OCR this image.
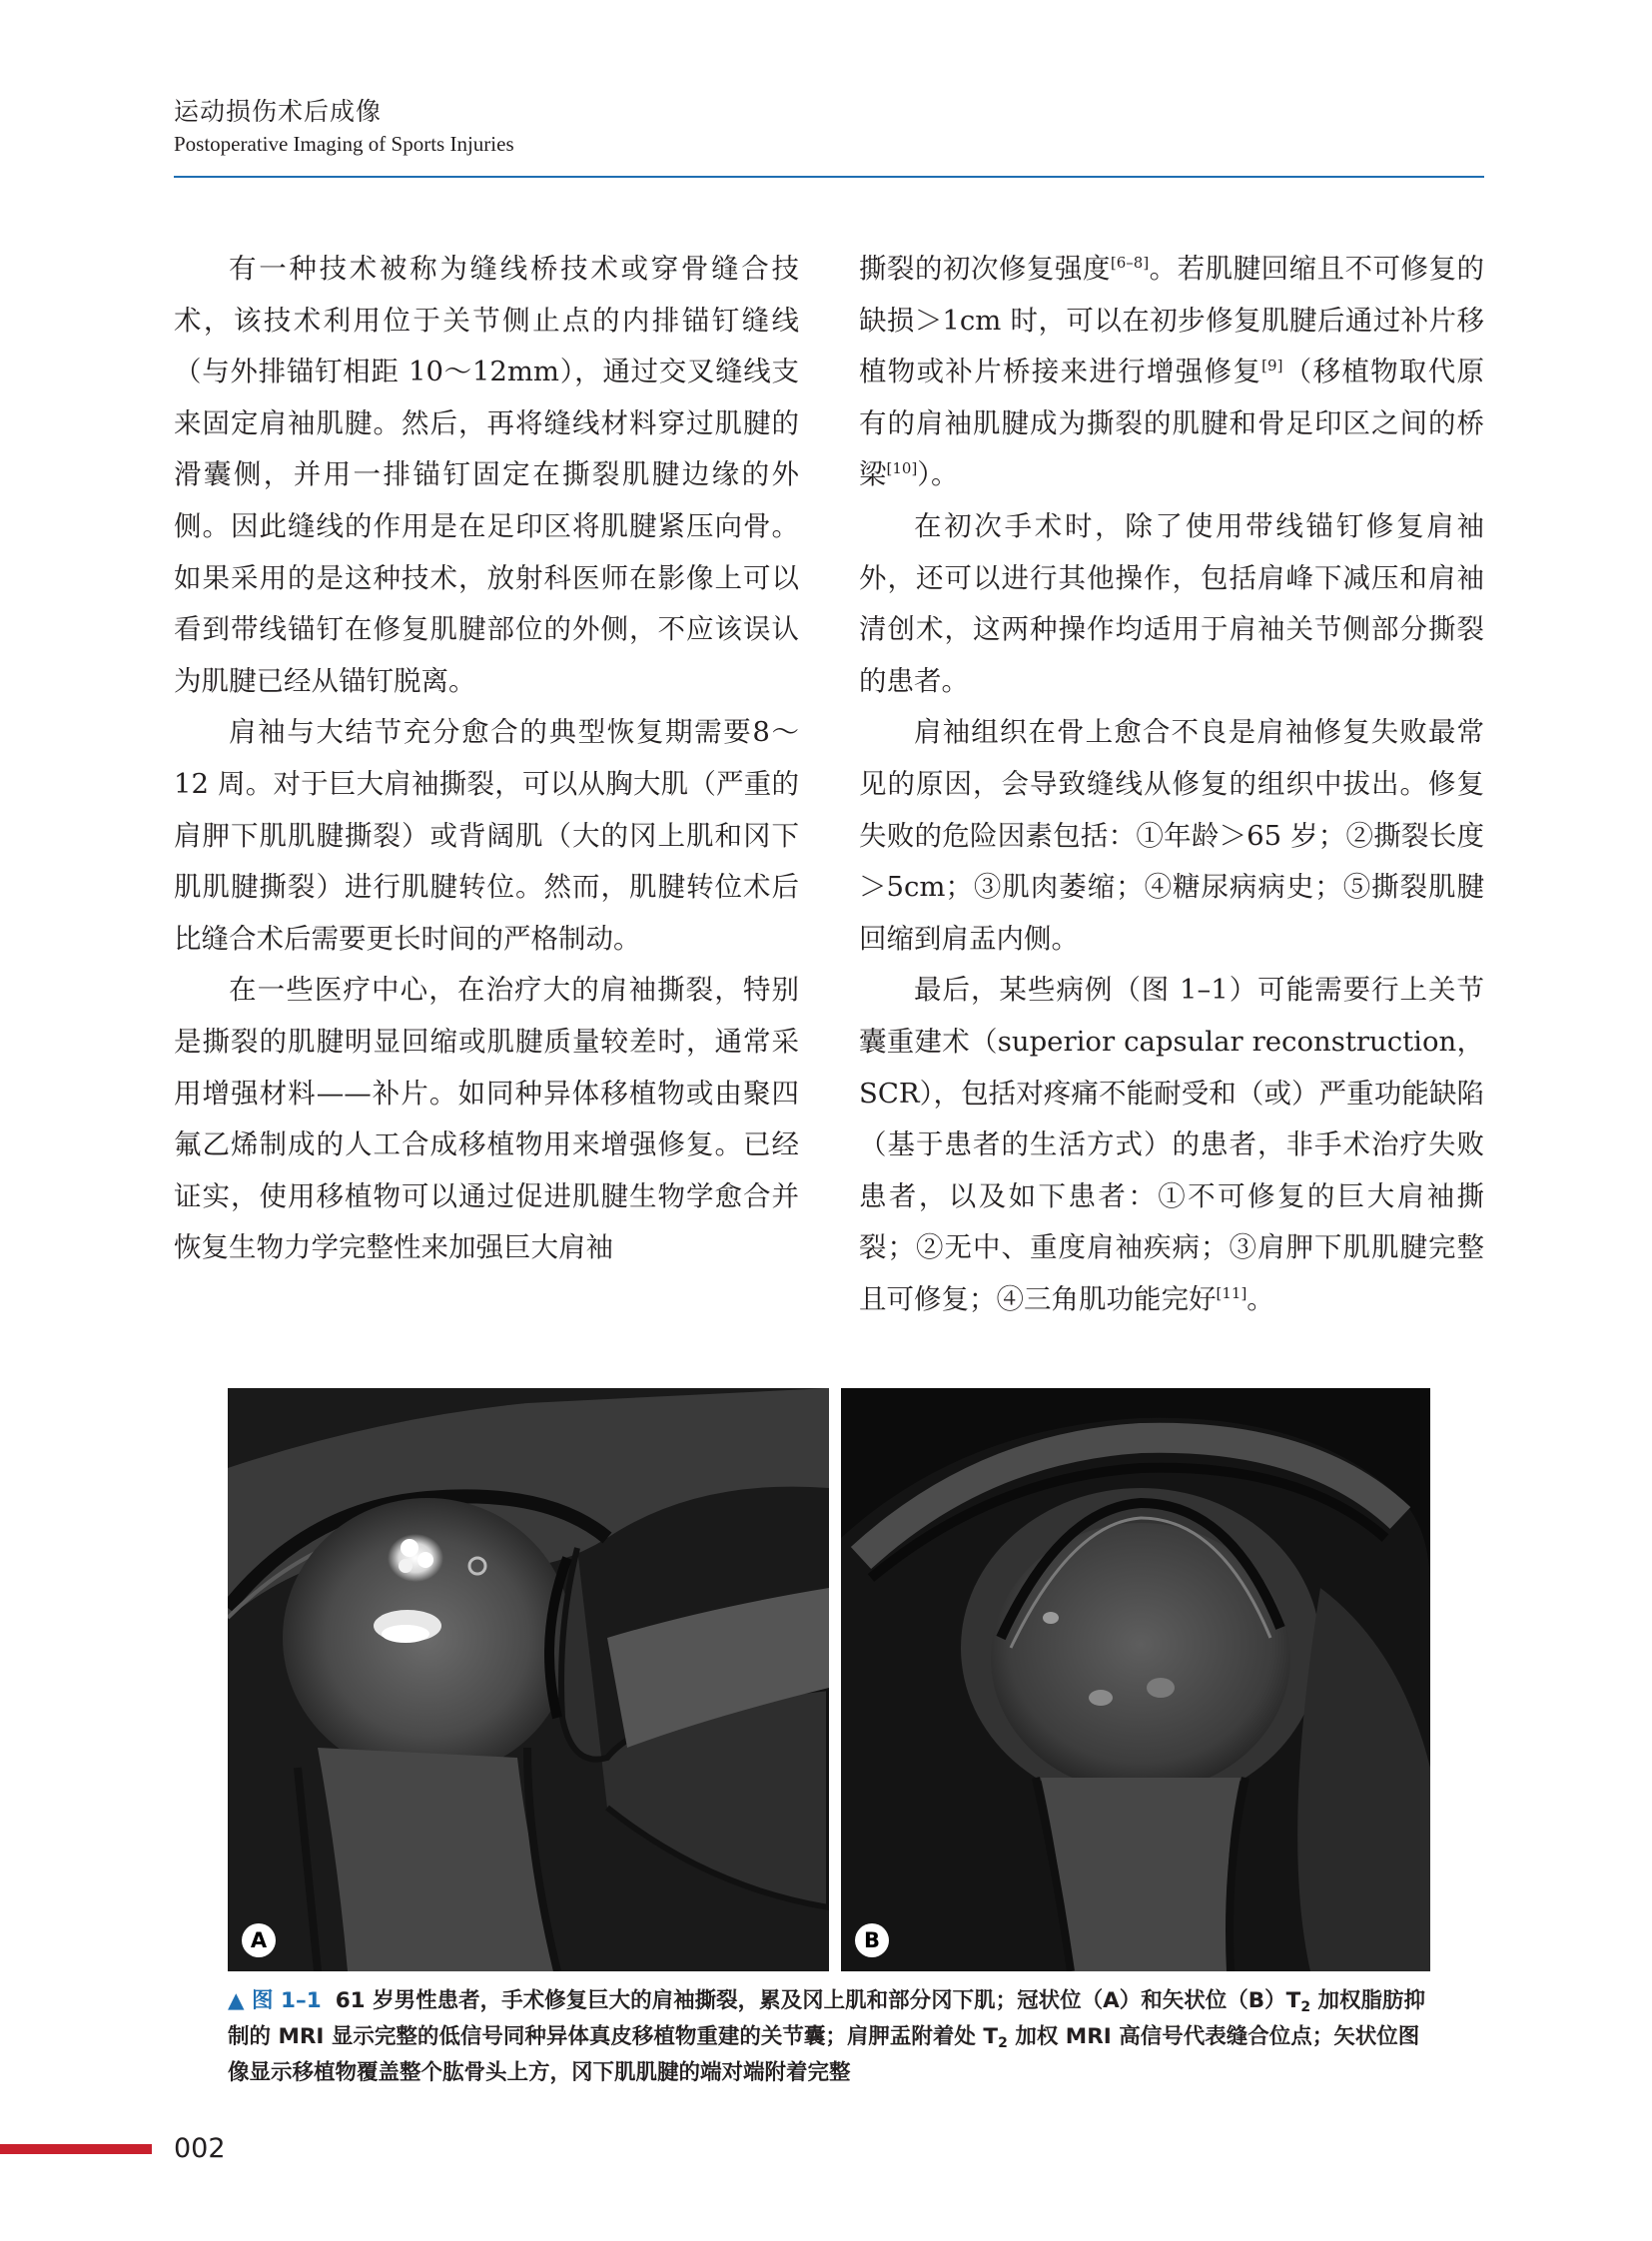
运动损伤术后成像
Postoperative Imaging of Sports Injuries

有一种技术被称为缝线桥技术或穿骨缝合技术，该技术利用位于关节侧止点的内排锚钉缝线（与外排锚钉相距 10～12mm），通过交叉缝线支来固定肩袖肌腱。然后，再将缝线材料穿过肌腱的滑囊侧，并用一排锚钉固定在撕裂肌腱边缘的外侧。因此缝线的作用是在足印区将肌腱紧压向骨。如果采用的是这种技术，放射科医师在影像上可以看到带线锚钉在修复肌腱部位的外侧，不应该误认为肌腱已经从锚钉脱离。

肩袖与大结节充分愈合的典型恢复期需要8～12 周。对于巨大肩袖撕裂，可以从胸大肌（严重的肩胛下肌肌腱撕裂）或背阔肌（大的冈上肌和冈下肌肌腱撕裂）进行肌腱转位。然而，肌腱转位术后比缝合术后需要更长时间的严格制动。

在一些医疗中心，在治疗大的肩袖撕裂，特别是撕裂的肌腱明显回缩或肌腱质量较差时，通常采用增强材料——补片。如同种异体移植物或由聚四氟乙烯制成的人工合成移植物用来增强修复。已经证实，使用移植物可以通过促进肌腱生物学愈合并恢复生物力学完整性来加强巨大肩袖

撕裂的初次修复强度[6–8]。若肌腱回缩且不可修复的缺损＞1cm 时，可以在初步修复肌腱后通过补片移植物或补片桥接来进行增强修复[9]（移植物取代原有的肩袖肌腱成为撕裂的肌腱和骨足印区之间的桥梁[10]）。

在初次手术时，除了使用带线锚钉修复肩袖外，还可以进行其他操作，包括肩峰下减压和肩袖清创术，这两种操作均适用于肩袖关节侧部分撕裂的患者。

肩袖组织在骨上愈合不良是肩袖修复失败最常见的原因，会导致缝线从修复的组织中拔出。修复失败的危险因素包括：①年龄＞65 岁；②撕裂长度＞5cm；③肌肉萎缩；④糖尿病病史；⑤撕裂肌腱回缩到肩盂内侧。

最后，某些病例（图 1–1）可能需要行上关节囊重建术（superior capsular reconstruction，SCR），包括对疼痛不能耐受和（或）严重功能缺陷（基于患者的生活方式）的患者，非手术治疗失败患者，以及如下患者：①不可修复的巨大肩袖撕裂；②无中、重度肩袖疾病；③肩胛下肌肌腱完整且可修复；④三角肌功能完好[11]。

A	B
▲ 图 1–1 61 岁男性患者，手术修复巨大的肩袖撕裂，累及冈上肌和部分冈下肌；冠状位（A）和矢状位$(B)T_2$ 加权脂肪抑制的 MRI 显示完整的低信号同种异体真皮移植物重建的关节囊；肩胛盂附着处 $T_2$ 加权 MRI 高信号代表缝合位点；矢状位图像显示移植物覆盖整个肱骨头上方，冈下肌肌腱的端对端附着完整
002
